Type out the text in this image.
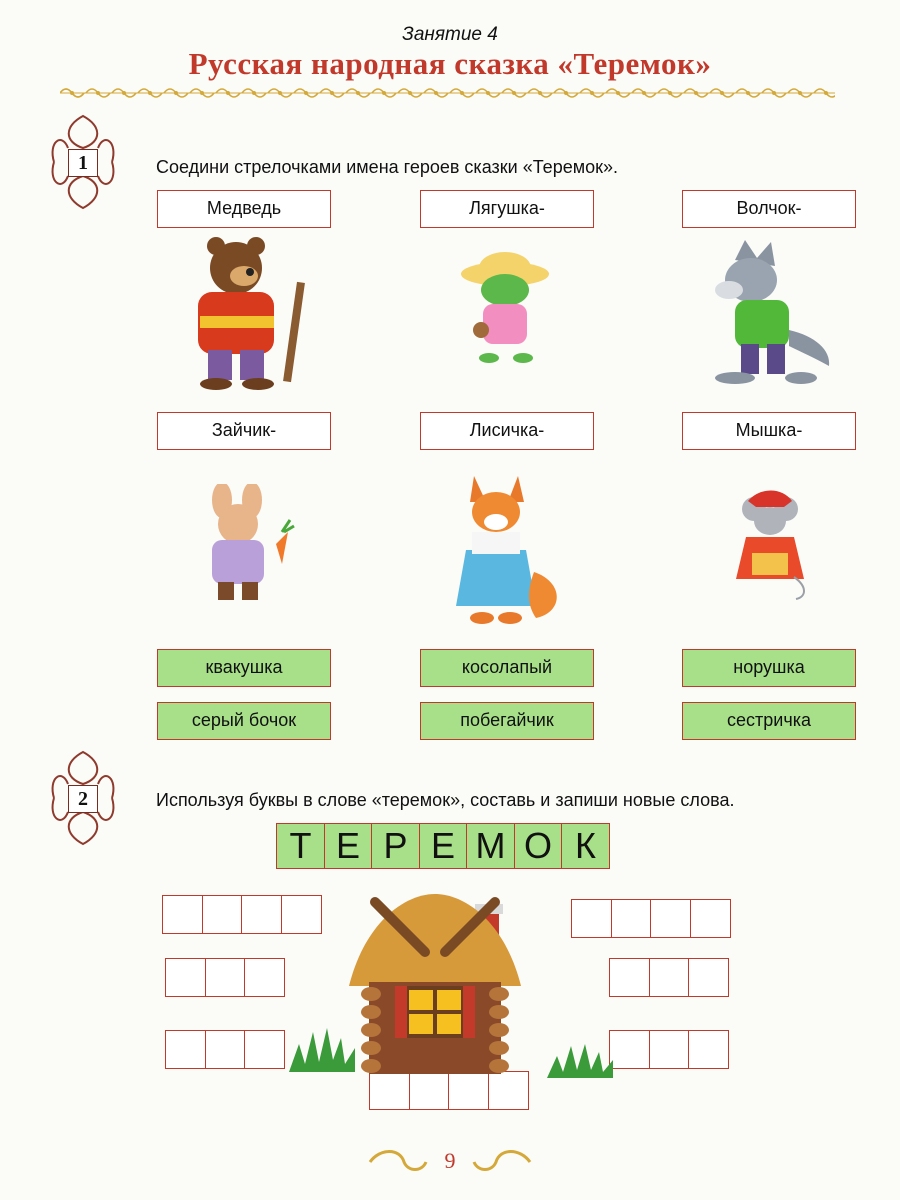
Занятие 4
Русская народная сказка «Теремок»
1	Соедини стрелочками имена героев сказки «Теремок».
Медведь	Лягушка-	Волчок-
Зайчик-	Лисичка-	Мышка-
квакушка	косолапый	норушка
серый бочок	побегайчик	сестричка
2	Используя буквы в слове «теремок», составь и запиши новые слова.
Т Е Р Е М О К
9
